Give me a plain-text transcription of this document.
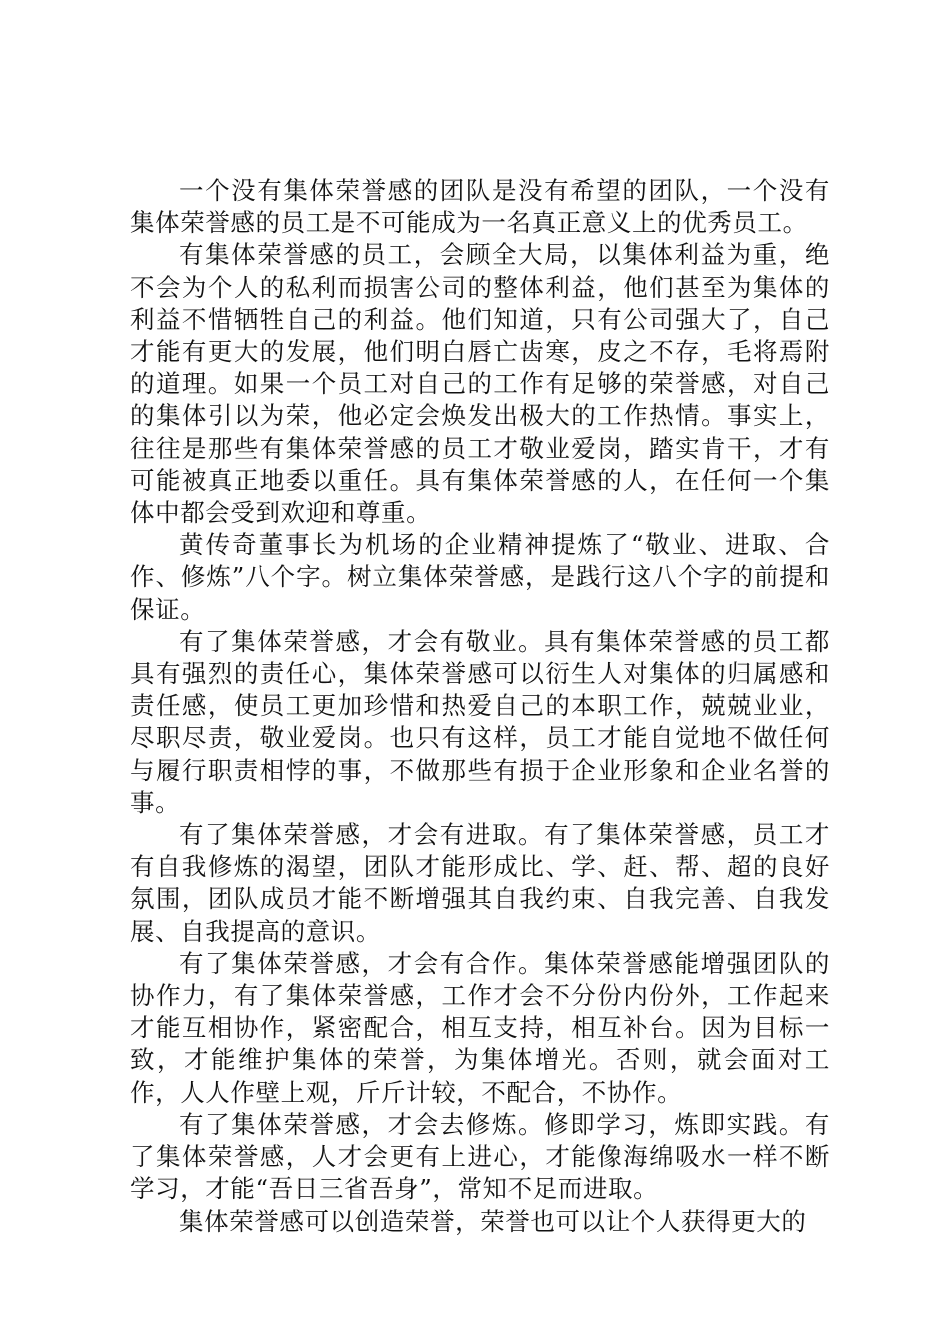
一个没有集体荣誉感的团队是没有希望的团队，一个没有集体荣誉感的员工是不可能成为一名真正意义上的优秀员工。

有集体荣誉感的员工，会顾全大局，以集体利益为重，绝不会为个人的私利而损害公司的整体利益，他们甚至为集体的利益不惜牺牲自己的利益。他们知道，只有公司强大了，自己才能有更大的发展，他们明白唇亡齿寒，皮之不存，毛将焉附的道理。如果一个员工对自己的工作有足够的荣誉感，对自己的集体引以为荣，他必定会焕发出极大的工作热情。事实上，往往是那些有集体荣誉感的员工才敬业爱岗，踏实肯干，才有可能被真正地委以重任。具有集体荣誉感的人，在任何一个集体中都会受到欢迎和尊重。

黄传奇董事长为机场的企业精神提炼了“敬业、进取、合作、修炼”八个字。树立集体荣誉感，是践行这八个字的前提和保证。

有了集体荣誉感，才会有敬业。具有集体荣誉感的员工都具有强烈的责任心，集体荣誉感可以衍生人对集体的归属感和责任感，使员工更加珍惜和热爱自己的本职工作，兢兢业业，尽职尽责，敬业爱岗。也只有这样，员工才能自觉地不做任何与履行职责相悖的事，不做那些有损于企业形象和企业名誉的事。

有了集体荣誉感，才会有进取。有了集体荣誉感，员工才有自我修炼的渴望，团队才能形成比、学、赶、帮、超的良好氛围，团队成员才能不断增强其自我约束、自我完善、自我发展、自我提高的意识。

有了集体荣誉感，才会有合作。集体荣誉感能增强团队的协作力，有了集体荣誉感，工作才会不分份内份外，工作起来才能互相协作，紧密配合，相互支持，相互补台。因为目标一致，才能维护集体的荣誉，为集体增光。否则，就会面对工作，人人作壁上观，斤斤计较，不配合，不协作。

有了集体荣誉感，才会去修炼。修即学习，炼即实践。有了集体荣誉感，人才会更有上进心，才能像海绵吸水一样不断学习，才能“吾日三省吾身”，常知不足而进取。

集体荣誉感可以创造荣誉，荣誉也可以让个人获得更大的
